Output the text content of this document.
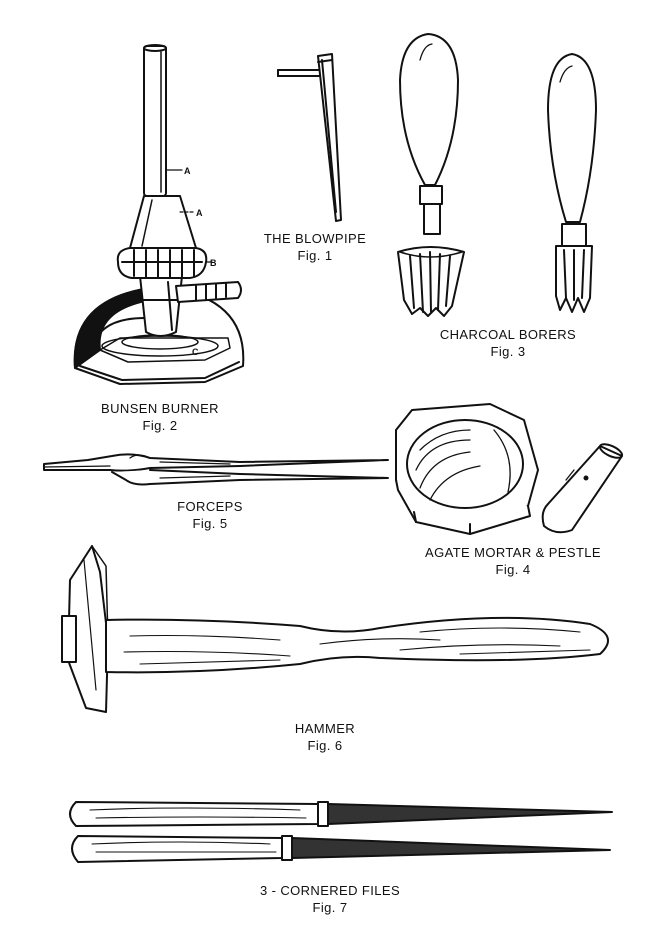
A
A
B
C
THE BLOWPIPE
Fig. 1
BUNSEN BURNER
Fig. 2
CHARCOAL BORERS
Fig. 3
AGATE MORTAR & PESTLE
Fig. 4
FORCEPS
Fig. 5
HAMMER
Fig. 6
3 - CORNERED FILES
Fig. 7
